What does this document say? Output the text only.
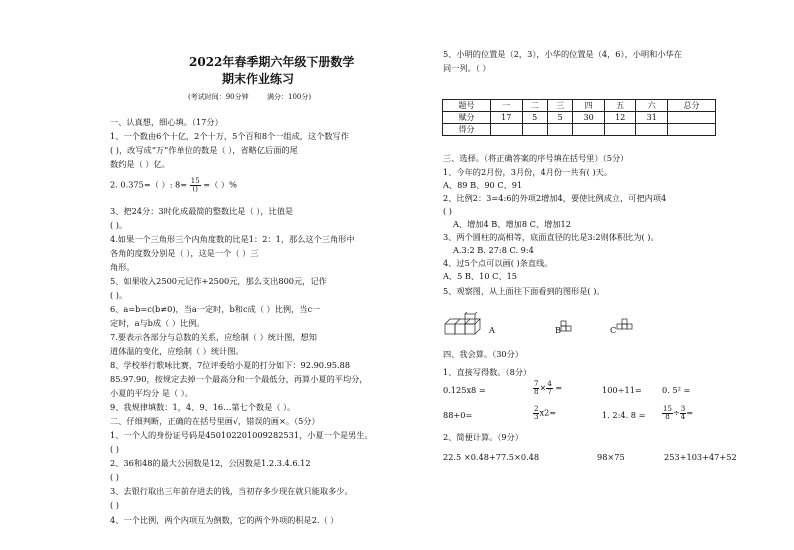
2022年春季期六年级下册数学
期末作业练习
(考试时间：90分钟	满分：100分)
一、认真想，细心填。（17分）
1、一个数由6个十亿，2个十万，5个百和8个一组成，这个数写作
( )，改写成“万”作单位的数是（ ），省略亿后面的尾
数约是（ ）亿。
2. 0.375=（ ）: $8= \frac{15}{()}$ =（ ）%
3、把24分：3时化成最简的整数比是（ ），比值是
( )。
4.如果一个三角形三个内角度数的比是1：2：1，那么这个三角形中
各角的度数分别是（ ），这是一个（ ）三
角形。
5、如果收入2500元记作+2500元，那么支出800元，记作
( )。
6、a=b=c(b≠0)，当a一定时，b和c成（ ）比例，当c一
定时，a与b成（ ）比例。
7.要表示各部分与总数的关系，应绘制（ ）统计图，想知
道体温的变化，应绘制（ ）统计图。
8、学校举行歌咏比赛，7位评委给小夏的打分如下：92.90.95.88
85.97.90，按规定去掉一个最高分和一个最低分，再算小夏的平均分，
小夏的平均分 是（ ）。
9、我规律填数：1，4、9、16…第七个数是（ ）。
二、仔细判断，正确的在括号里画√，错误的画×。（5分）
1、一个人的身份证号码是450102201009282531，小夏一个是男生。
( )
2、36和48的最大公因数是12，公因数是1.2.3.4.6.12
( )
3、去银行取出三年前存进去的钱，当初存多少现在就只能取多少。
( )
4、一个比例，两个内项互为倒数，它的两个外项的积是2.（ ）
5、小明的位置是（2，3），小华的位置是（4，6），小明和小华在
同一列。（ ）
题号	一	二	三	四	五	六	总分
赋分	17	5	5	30	12	31	
得分							
三、选择。（将正确答案的序号填在括号里）（5分）
1、今年的2月份，3月份，4月份一共有( )天。
A、89 B、90 C、91
2、比例2：3=4:6的外项2增加4，要使比例成立，可把内项4
( )
A、增加4 B、增加8 C、增加12
3、两个圆柱的高相等，底面直径的比是3:2则体积比为( )。
A.3:2 B. 27:8 C. 9:4
4、过5个点可以画( )条直线。
A、5 B、10 C、15
5、观察图，从上面往下面看到的图形是( )。
A	B	C
四、我会算。（30分）
1、直接写得数。（8分）
0.125x8 =	$\frac{7}{8} \times \frac{4}{7}$ =	100÷11= 0. 5² =
88+0=	$\frac{2}{3} x2=$	1. 2:4. $8 = \frac{15}{8} \div \frac{3}{4}$ =
2、简便计算。（9分）
22.5 ×0.48+77.5×0.48	98×75	253+103+47+52
